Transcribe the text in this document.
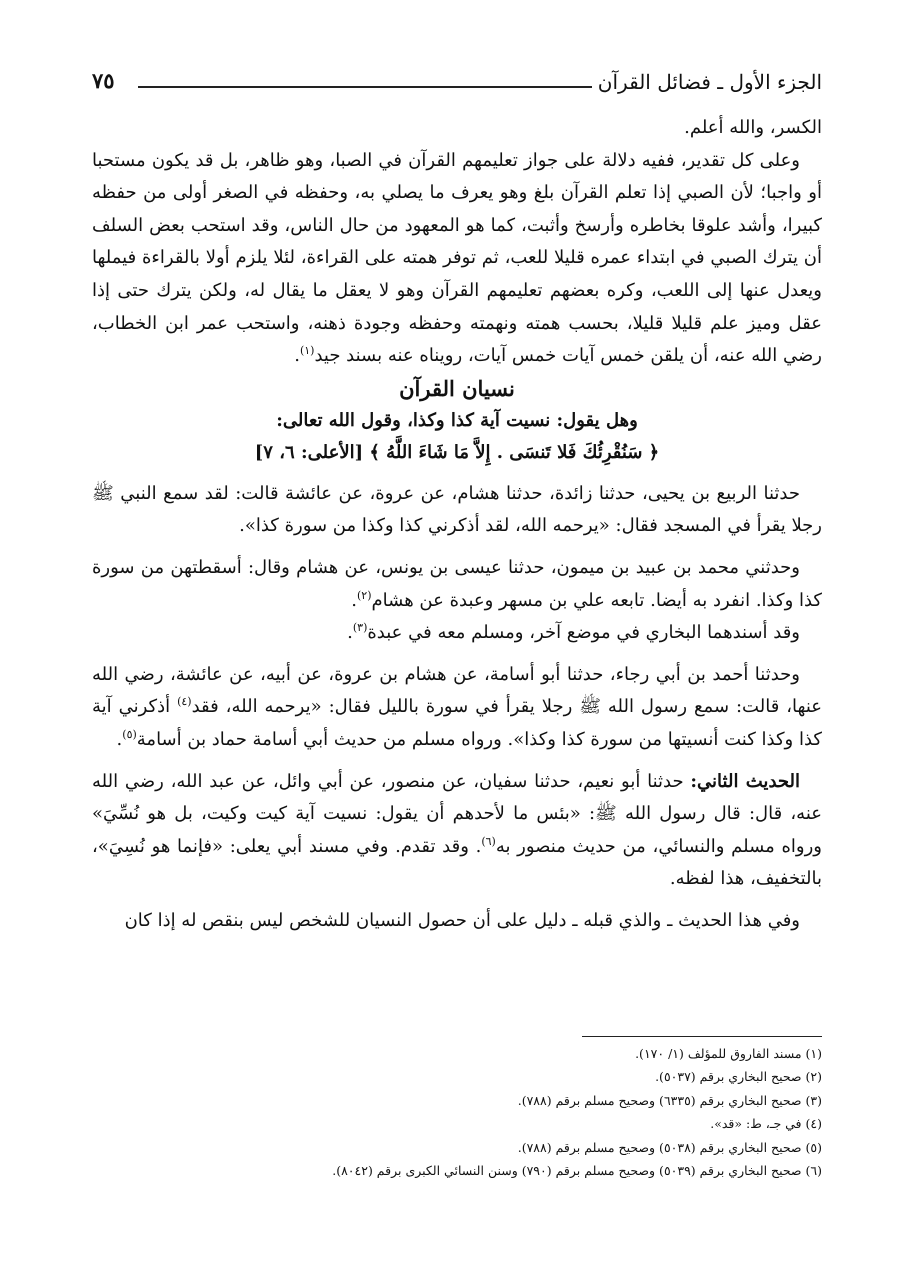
الجزء الأول ـ فضائل القرآن
٧٥

الكسر، والله أعلم.

وعلى كل تقدير، ففيه دلالة على جواز تعليمهم القرآن في الصبا، وهو ظاهر، بل قد يكون مستحبا أو واجبا؛ لأن الصبي إذا تعلم القرآن بلغ وهو يعرف ما يصلي به، وحفظه في الصغر أولى من حفظه كبيرا، وأشد علوقا بخاطره وأرسخ وأثبت، كما هو المعهود من حال الناس، وقد استحب بعض السلف أن يترك الصبي في ابتداء عمره قليلا للعب، ثم توفر همته على القراءة، لئلا يلزم أولا بالقراءة فيملها ويعدل عنها إلى اللعب، وكره بعضهم تعليمهم القرآن وهو لا يعقل ما يقال له، ولكن يترك حتى إذا عقل وميز علم قليلا قليلا، بحسب همته ونهمته وحفظه وجودة ذهنه، واستحب عمر ابن الخطاب، رضي الله عنه، أن يلقن خمس آيات خمس آيات، رويناه عنه بسند جيد$^{(١)}$.

نسيان القرآن

وهل يقول: نسيت آية كذا وكذا، وقول الله تعالى:

﴿ سَنُقْرِئُكَ فَلا تَنسَى . إِلاَّ مَا شَاءَ اللَّهُ ﴾ [الأعلى: ٦، ٧]

حدثنا الربيع بن يحيى، حدثنا زائدة، حدثنا هشام، عن عروة، عن عائشة قالت: لقد سمع النبي ﷺ رجلا يقرأ في المسجد فقال: «يرحمه الله، لقد أذكرني كذا وكذا من سورة كذا».

وحدثني محمد بن عبيد بن ميمون، حدثنا عيسى بن يونس، عن هشام وقال: أسقطتهن من سورة كذا وكذا. انفرد به أيضا. تابعه علي بن مسهر وعبدة عن هشام$^{(٢)}$.

وقد أسندهما البخاري في موضع آخر، ومسلم معه في عبدة$^{(٣)}$.

وحدثنا أحمد بن أبي رجاء، حدثنا أبو أسامة، عن هشام بن عروة، عن أبيه، عن عائشة، رضي الله عنها، قالت: سمع رسول الله ﷺ رجلا يقرأ في سورة بالليل فقال: «يرحمه الله، فقد$^{(٤)}$ أذكرني آية كذا وكذا كنت أنسيتها من سورة كذا وكذا». ورواه مسلم من حديث أبي أسامة حماد بن أسامة$^{(٥)}$.

الحديث الثاني: حدثنا أبو نعيم، حدثنا سفيان، عن منصور، عن أبي وائل، عن عبد الله، رضي الله عنه، قال: قال رسول الله ﷺ: «بئس ما لأحدهم أن يقول: نسيت آية كيت وكيت، بل هو نُسِّيَ» ورواه مسلم والنسائي، من حديث منصور به$^{(٦)}$. وقد تقدم. وفي مسند أبي يعلى: «فإنما هو نُسِيَ»، بالتخفيف، هذا لفظه.

وفي هذا الحديث ـ والذي قبله ـ دليل على أن حصول النسيان للشخص ليس بنقص له إذا كان

(١) مسند الفاروق للمؤلف (١/ ١٧٠).
(٢) صحيح البخاري برقم (٥٠٣٧).
(٣) صحيح البخاري برقم (٦٣٣٥) وصحيح مسلم برقم (٧٨٨).
(٤) في جـ، ط: «قد».
(٥) صحيح البخاري برقم (٥٠٣٨) وصحيح مسلم برقم (٧٨٨).
(٦) صحيح البخاري برقم (٥٠٣٩) وصحيح مسلم برقم (٧٩٠) وسنن النسائي الكبرى برقم (٨٠٤٢).
